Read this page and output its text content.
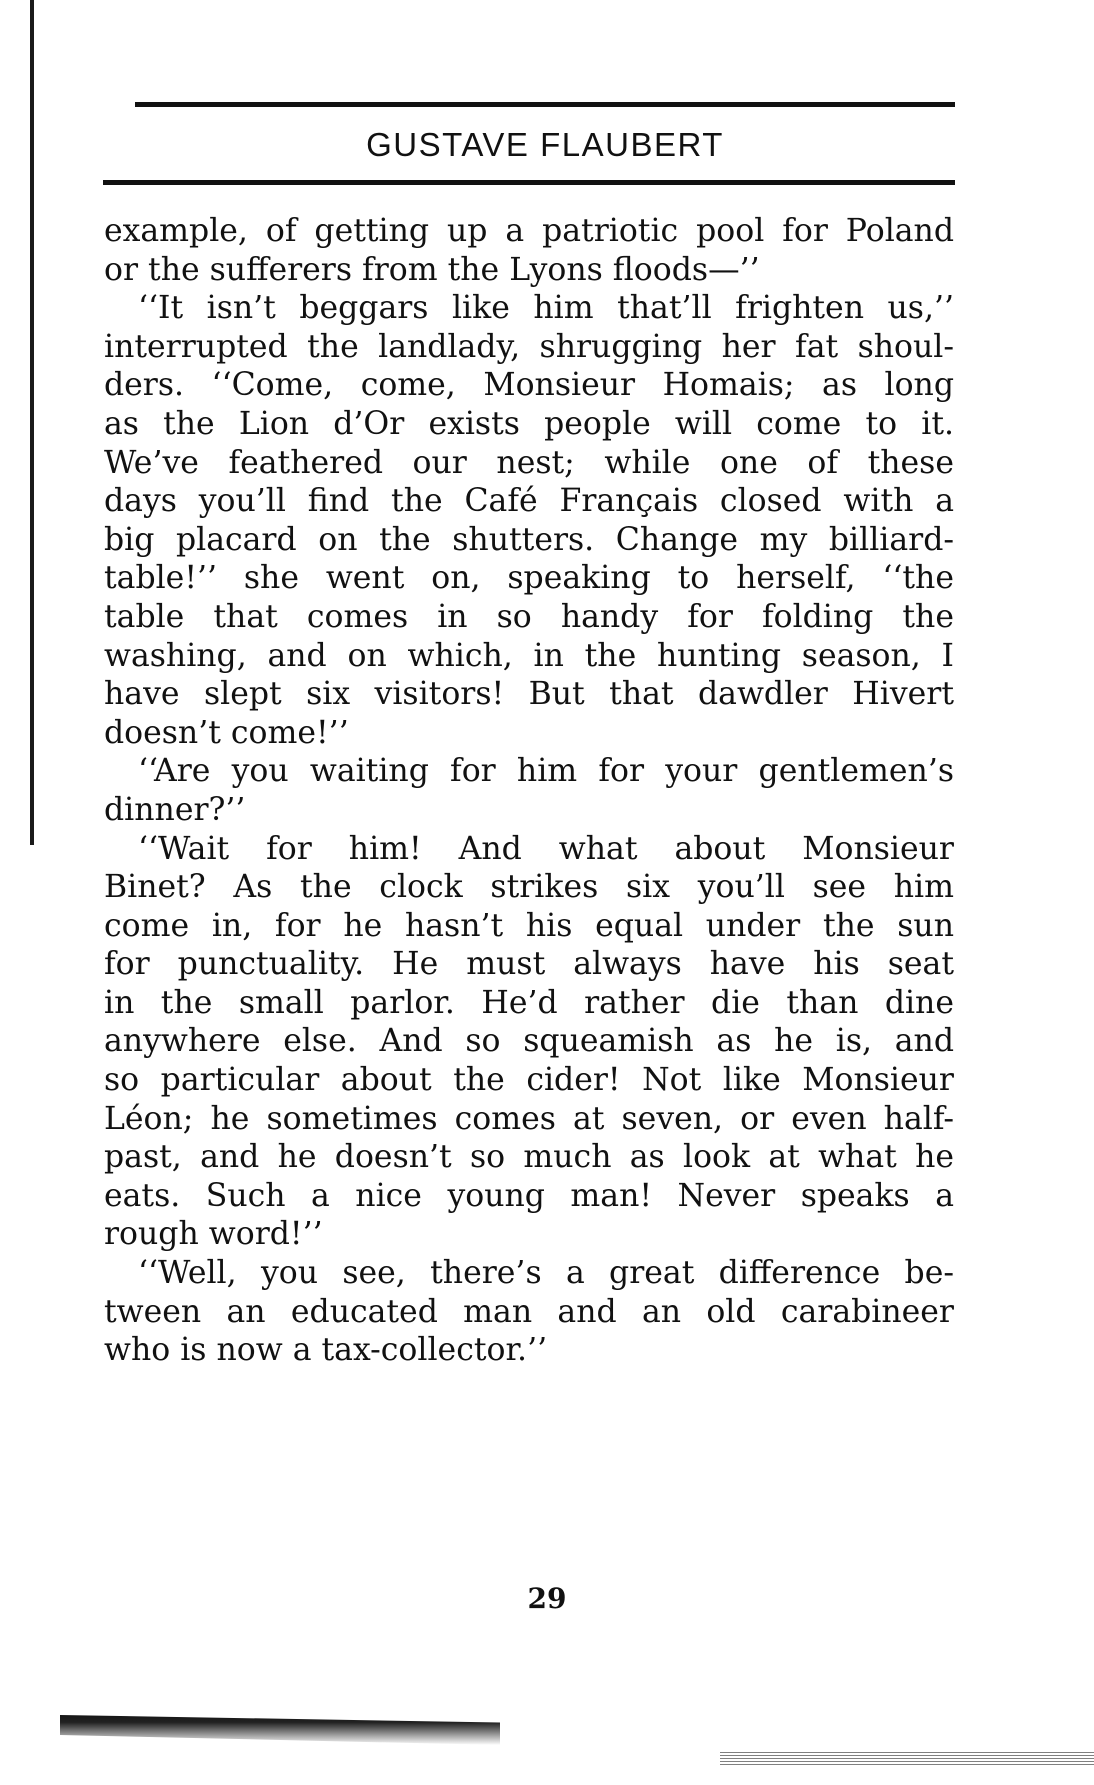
GUSTAVE FLAUBERT

example, of getting up a patriotic pool for Poland
or the sufferers from the Lyons floods—’’

‘‘It isn’t beggars like him that’ll frighten us,’’
interrupted the landlady, shrugging her fat shoul-
ders. ‘‘Come, come, Monsieur Homais; as long
as the Lion d’Or exists people will come to it.
We’ve feathered our nest; while one of these
days you’ll find the Café Français closed with a
big placard on the shutters. Change my billiard-
table!’’ she went on, speaking to herself, ‘‘the
table that comes in so handy for folding the
washing, and on which, in the hunting season, I
have slept six visitors! But that dawdler Hivert
doesn’t come!’’

‘‘Are you waiting for him for your gentlemen’s
dinner?’’

‘‘Wait for him! And what about Monsieur
Binet? As the clock strikes six you’ll see him
come in, for he hasn’t his equal under the sun
for punctuality. He must always have his seat
in the small parlor. He’d rather die than dine
anywhere else. And so squeamish as he is, and
so particular about the cider! Not like Monsieur
Léon; he sometimes comes at seven, or even half-
past, and he doesn’t so much as look at what he
eats. Such a nice young man! Never speaks a
rough word!’’

‘‘Well, you see, there’s a great difference be-
tween an educated man and an old carabineer
who is now a tax-collector.’’

29
